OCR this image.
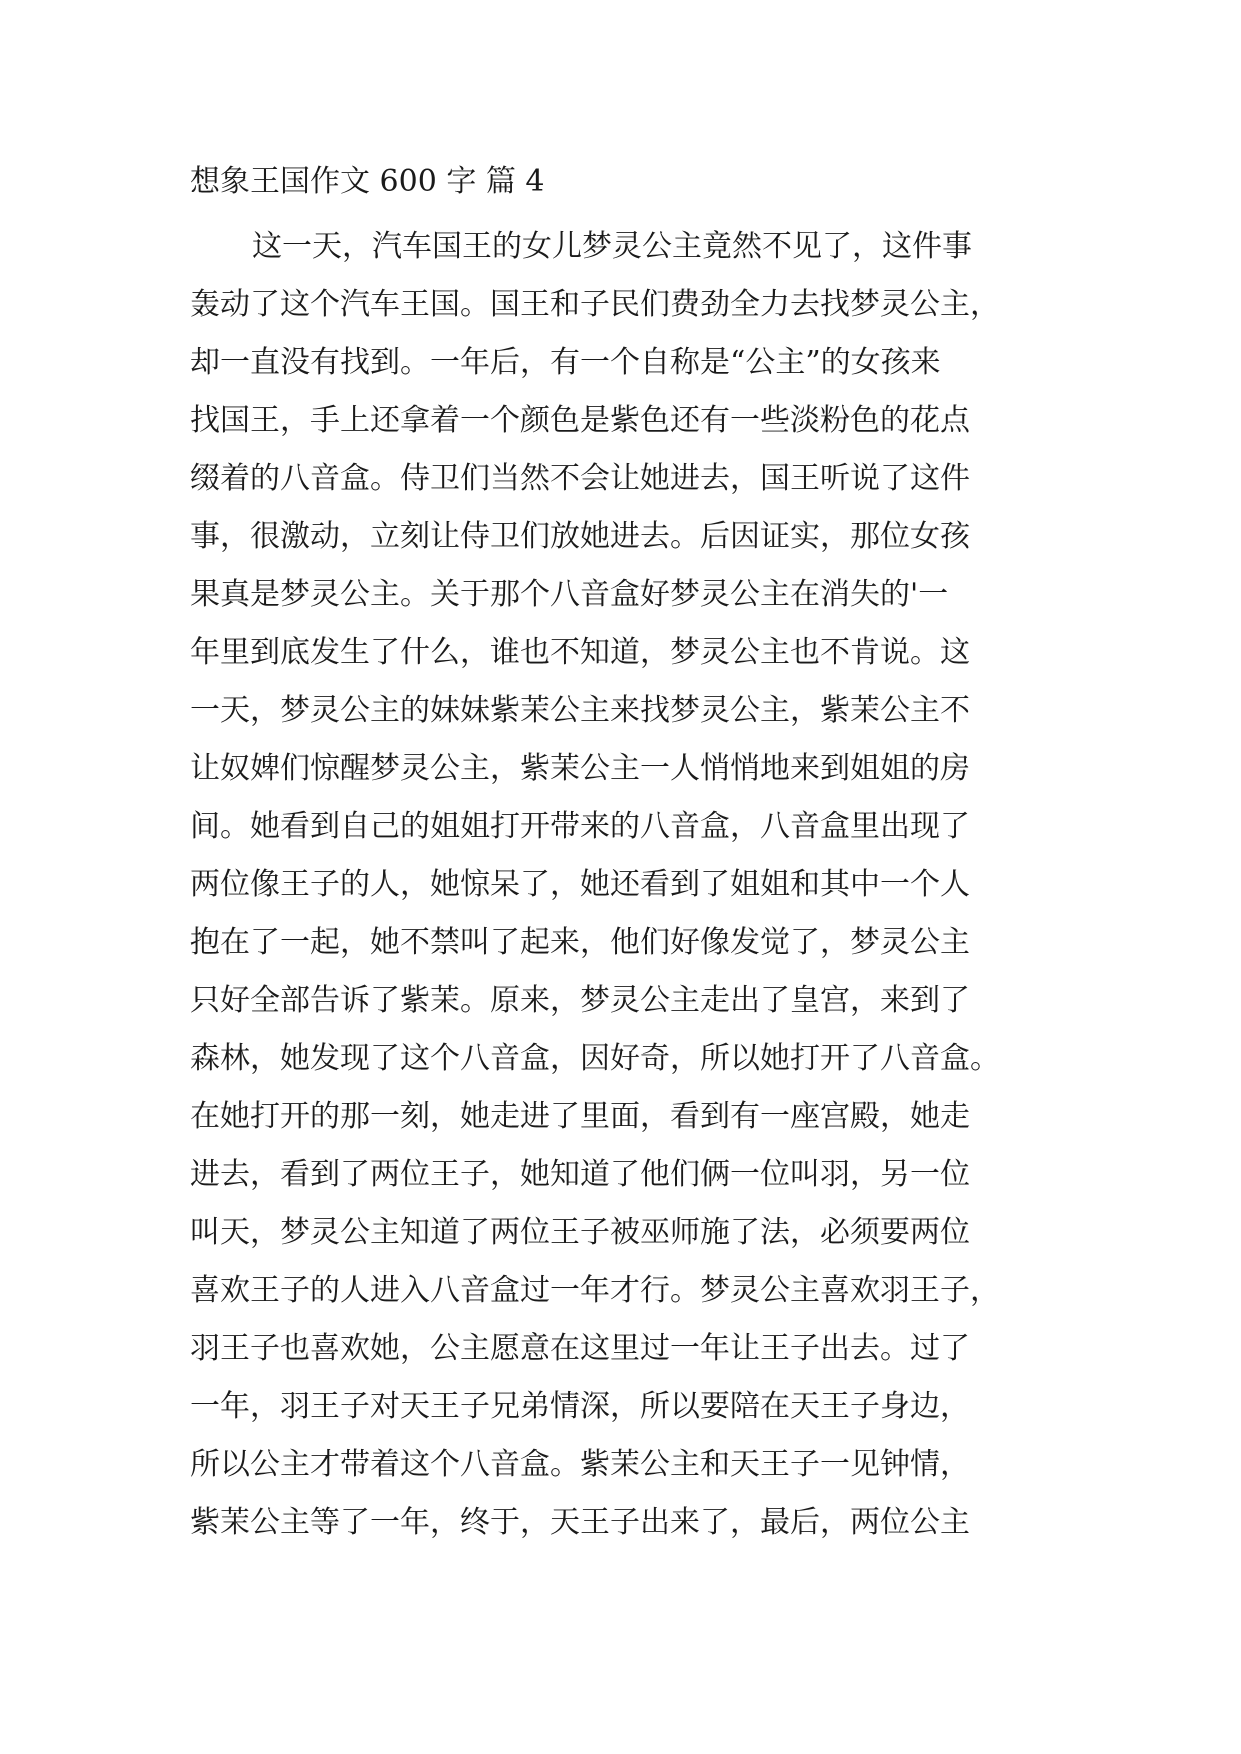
想象王国作文 600 字 篇 4
这一天，汽车国王的女儿梦灵公主竟然不见了，这件事
轰动了这个汽车王国。国王和子民们费劲全力去找梦灵公主，
却一直没有找到。一年后，有一个自称是“公主”的女孩来
找国王，手上还拿着一个颜色是紫色还有一些淡粉色的花点
缀着的八音盒。侍卫们当然不会让她进去，国王听说了这件
事，很激动，立刻让侍卫们放她进去。后因证实，那位女孩
果真是梦灵公主。关于那个八音盒好梦灵公主在消失的'一
年里到底发生了什么，谁也不知道，梦灵公主也不肯说。这
一天，梦灵公主的妹妹紫茉公主来找梦灵公主，紫茉公主不
让奴婢们惊醒梦灵公主，紫茉公主一人悄悄地来到姐姐的房
间。她看到自己的姐姐打开带来的八音盒，八音盒里出现了
两位像王子的人，她惊呆了，她还看到了姐姐和其中一个人
抱在了一起，她不禁叫了起来，他们好像发觉了，梦灵公主
只好全部告诉了紫茉。原来，梦灵公主走出了皇宫，来到了
森林，她发现了这个八音盒，因好奇，所以她打开了八音盒。
在她打开的那一刻，她走进了里面，看到有一座宫殿，她走
进去，看到了两位王子，她知道了他们俩一位叫羽，另一位
叫天，梦灵公主知道了两位王子被巫师施了法，必须要两位
喜欢王子的人进入八音盒过一年才行。梦灵公主喜欢羽王子，
羽王子也喜欢她，公主愿意在这里过一年让王子出去。过了
一年，羽王子对天王子兄弟情深，所以要陪在天王子身边，
所以公主才带着这个八音盒。紫茉公主和天王子一见钟情，
紫茉公主等了一年，终于，天王子出来了，最后，两位公主
